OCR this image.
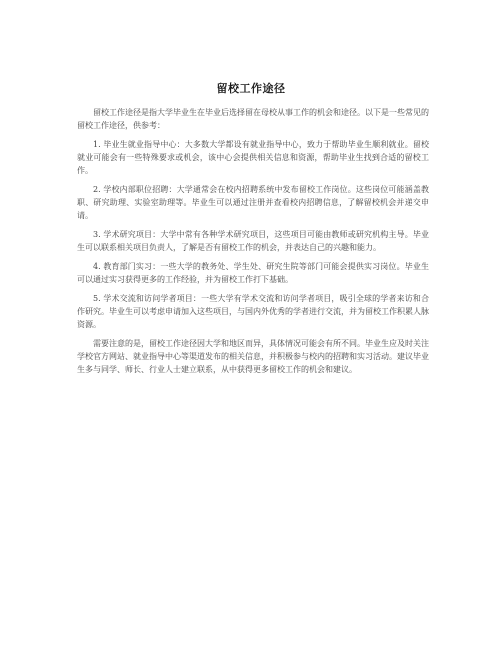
留校工作途径

留校工作途径是指大学毕业生在毕业后选择留在母校从事工作的机会和途径。以下是一些常见的留校工作途径，供参考：

1. 毕业生就业指导中心：大多数大学都设有就业指导中心，致力于帮助毕业生顺利就业。留校就业可能会有一些特殊要求或机会，该中心会提供相关信息和资源，帮助毕业生找到合适的留校工作。

2. 学校内部职位招聘：大学通常会在校内招聘系统中发布留校工作岗位。这些岗位可能涵盖教职、研究助理、实验室助理等。毕业生可以通过注册并查看校内招聘信息，了解留校机会并递交申请。

3. 学术研究项目：大学中常有各种学术研究项目，这些项目可能由教师或研究机构主导。毕业生可以联系相关项目负责人，了解是否有留校工作的机会，并表达自己的兴趣和能力。

4. 教育部门实习：一些大学的教务处、学生处、研究生院等部门可能会提供实习岗位。毕业生可以通过实习获得更多的工作经验，并为留校工作打下基础。

5. 学术交流和访问学者项目：一些大学有学术交流和访问学者项目，吸引全球的学者来访和合作研究。毕业生可以考虑申请加入这些项目，与国内外优秀的学者进行交流，并为留校工作积累人脉资源。

需要注意的是，留校工作途径因大学和地区而异，具体情况可能会有所不同。毕业生应及时关注学校官方网站、就业指导中心等渠道发布的相关信息，并积极参与校内的招聘和实习活动。建议毕业生多与同学、师长、行业人士建立联系，从中获得更多留校工作的机会和建议。
